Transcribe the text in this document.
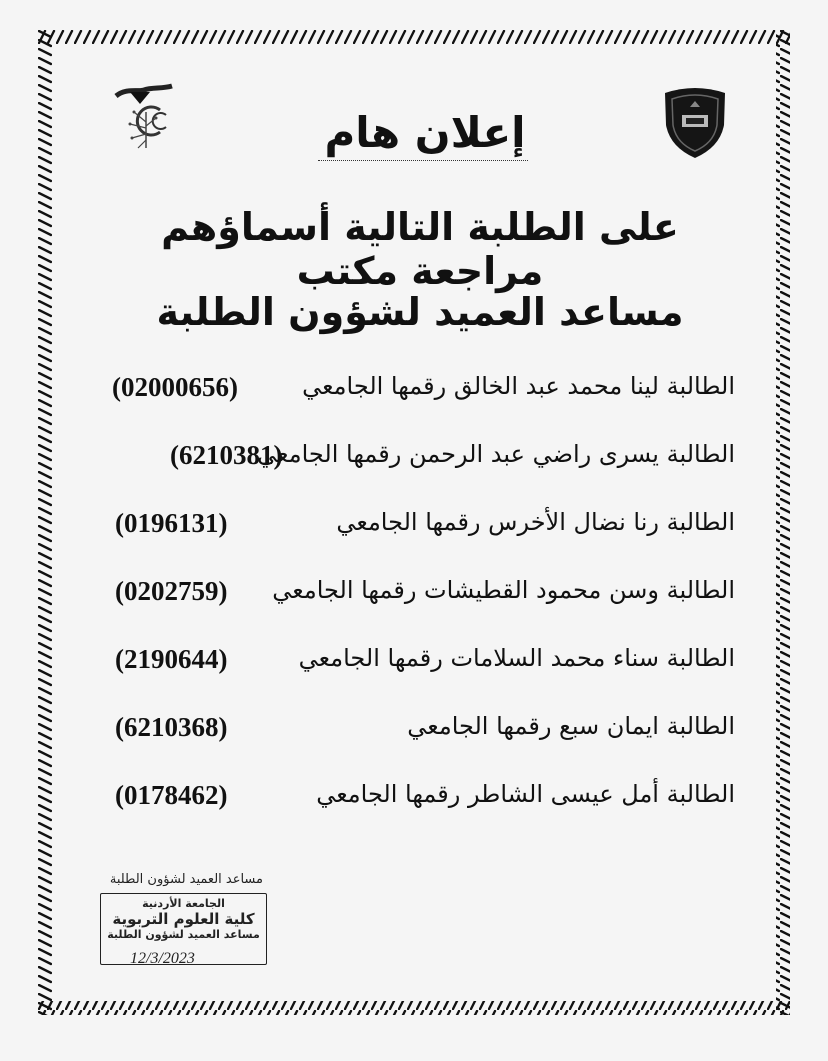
إعلان هام
على الطلبة التالية أسماؤهم مراجعة مكتب
مساعد العميد لشؤون الطلبة
الطالبة لينا محمد عبد الخالق رقمها الجامعي
(02000656)
الطالبة يسرى راضي عبد الرحمن رقمها الجامعي
(6210381)
الطالبة رنا نضال الأخرس رقمها الجامعي
(0196131)
الطالبة وسن محمود القطيشات رقمها الجامعي
(0202759)
الطالبة سناء محمد السلامات رقمها الجامعي
(2190644)
الطالبة ايمان سبع رقمها الجامعي
(6210368)
الطالبة أمل عيسى الشاطر رقمها الجامعي
(0178462)
مساعد العميد لشؤون الطلبة
الجامعة الأردنية
كلية العلوم التربوية
مساعد العميد لشؤون الطلبة
12/3/2023
